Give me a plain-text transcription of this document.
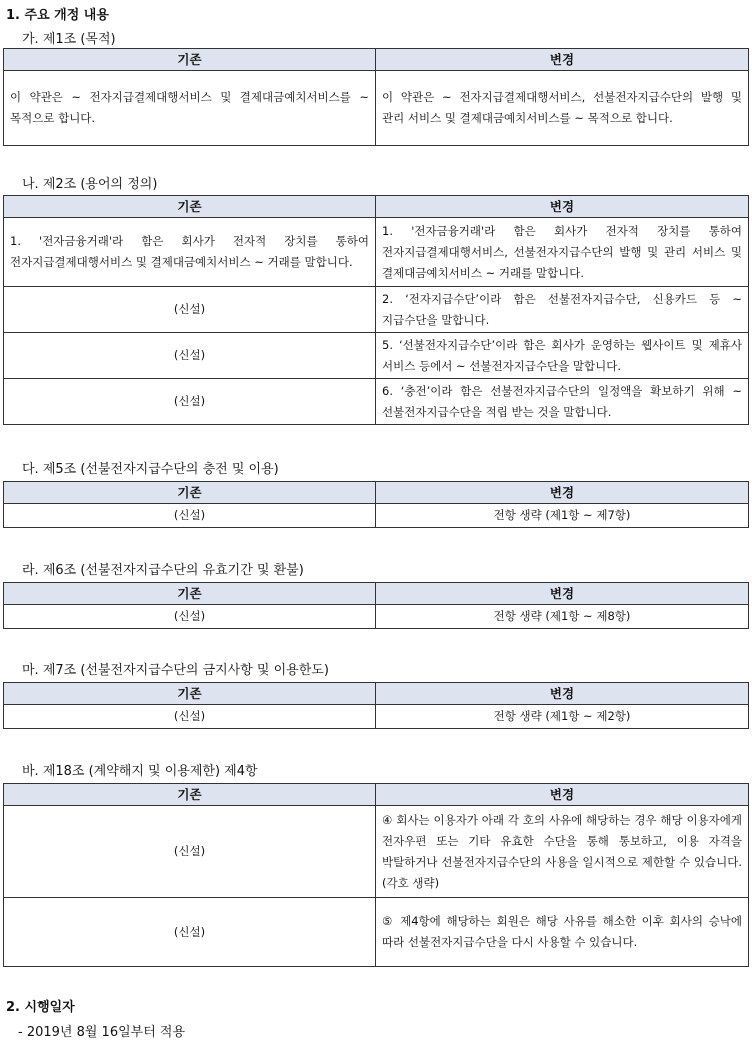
1. 주요 개정 내용
가. 제1조 (목적)
기존	변경
이 약관은 ~ 전자지급결제대행서비스 및 결제대금예치서비스를 ~ 목적으로 합니다.	이 약관은 ~ 전자지급결제대행서비스, 선불전자지급수단의 발행 및 관리 서비스 및 결제대금예치서비스를 ~ 목적으로 합니다.
나. 제2조 (용어의 정의)
기존	변경
1. '전자금융거래'라 함은 회사가 전자적 장치를 통하여 전자지급결제대행서비스 및 결제대금예치서비스 ~ 거래를 말합니다.	1. '전자금융거래'라 함은 회사가 전자적 장치를 통하여 전자지급결제대행서비스, 선불전자지급수단의 발행 및 관리 서비스 및 결제대금예치서비스 ~ 거래를 말합니다.
(신설)	2. ‘전자지급수단’이라 함은 선불전자지급수단, 신용카드 등 ~ 지급수단을 말합니다.
(신설)	5. ‘선불전자지급수단’이라 함은 회사가 운영하는 웹사이트 및 제휴사 서비스 등에서 ~ 선불전자지급수단을 말합니다.
(신설)	6. ‘충전’이라 함은 선불전자지급수단의 일정액을 확보하기 위해 ~ 선불전자지급수단을 적립 받는 것을 말합니다.
다. 제5조 (선불전자지급수단의 충전 및 이용)
기존	변경
(신설)	전항 생략 (제1항 ~ 제7항)
라. 제6조 (선불전자지급수단의 유효기간 및 환불)
기존	변경
(신설)	전항 생략 (제1항 ~ 제8항)
마. 제7조 (선불전자지급수단의 금지사항 및 이용한도)
기존	변경
(신설)	전항 생략 (제1항 ~ 제2항)
바. 제18조 (계약해지 및 이용제한) 제4항
기존	변경
(신설)	④ 회사는 이용자가 아래 각 호의 사유에 해당하는 경우 해당 이용자에게 전자우편 또는 기타 유효한 수단을 통해 통보하고, 이용 자격을 박탈하거나 선불전자지급수단의 사용을 일시적으로 제한할 수 있습니다. (각호 생략)
(신설)	⑤ 제4항에 해당하는 회원은 해당 사유를 해소한 이후 회사의 승낙에 따라 선불전자지급수단을 다시 사용할 수 있습니다.
2. 시행일자
- 2019년 8월 16일부터 적용
